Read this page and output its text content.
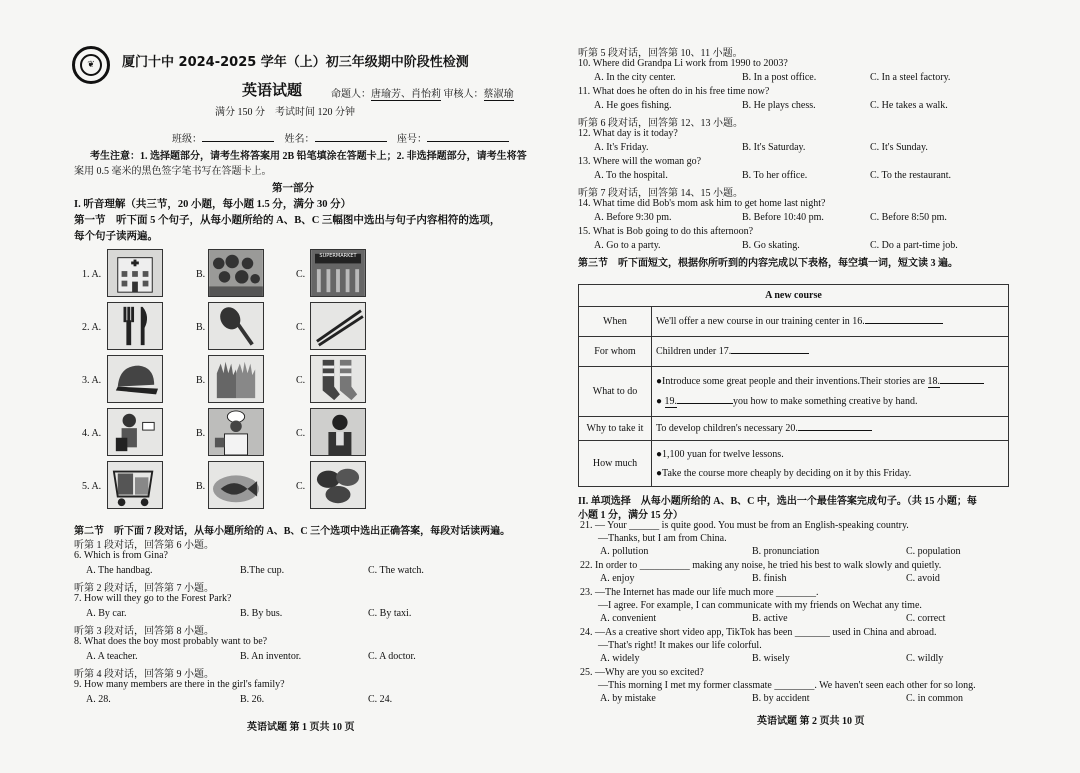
❦	厦门十中 2024-2025 学年（上）初三年级期中阶段性检测
英语试题	命题人：唐瑜芳、肖怡莉 审核人：蔡淑瑜
满分 150 分　考试时间 120 分钟
班级：	姓名：	座号：
考生注意：1. 选择题部分，请考生将答案用 2B 铅笔填涂在答题卡上；2. 非选择题部分，请考生将答
案用 0.5 毫米的黑色签字笔书写在答题卡上。
第一部分
I. 听音理解（共三节，20 小题，每小题 1.5 分，满分 30 分）
第一节　听下面 5 个句子，从每小题所给的 A、B、C 三幅图中选出与句子内容相符的选项，
每个句子读两遍。
1. A.	B.	C.
SUPERMARKET
2. A.	B.	C.
3. A.	B.	C.
4. A.	B.	C.
5. A.	B.	C.
第二节　听下面 7 段对话，从每小题所给的 A、B、C 三个选项中选出正确答案，每段对话读两遍。
听第 1 段对话，回答第 6 小题。
6. Which is from Gina?
A. The handbag.	B.The cup.	C. The watch.
听第 2 段对话，回答第 7 小题。
7. How will they go to the Forest Park?
A. By car.	B. By bus.	C. By taxi.
听第 3 段对话，回答第 8 小题。
8. What does the boy most probably want to be?
A. A teacher.	B. An inventor.	C. A doctor.
听第 4 段对话，回答第 9 小题。
9. How many members are there in the girl's family?
A. 28.	B. 26.	C. 24.
英语试题 第 1 页共 10 页
听第 5 段对话，回答第 10、11 小题。
10. Where did Grandpa Li work from 1990 to 2003?
A. In the city center.	B. In a post office.	C. In a steel factory.
11. What does he often do in his free time now?
A. He goes fishing.	B. He plays chess.	C. He takes a walk.
听第 6 段对话，回答第 12、13 小题。
12. What day is it today?
A. It's Friday.	B. It's Saturday.	C. It's Sunday.
13. Where will the woman go?
A. To the hospital.	B. To her office.	C. To the restaurant.
听第 7 段对话，回答第 14、15 小题。
14. What time did Bob's mom ask him to get home last night?
A. Before 9:30 pm.	B. Before 10:40 pm.	C. Before 8:50 pm.
15. What is Bob going to do this afternoon?
A. Go to a party.	B. Go skating.	C. Do a part-time job.
第三节　听下面短文，根据你所听到的内容完成以下表格，每空填一词，短文读 3 遍。
A new course	
When	We'll offer a new course in our training center in 16.
For whom	Children under 17.
What to do	●Introduce some great people and their inventions.Their stories are 18.
● 19. you how to make something creative by hand.

Why to take it	To develop children's necessary 20.
How much	●1,100 yuan for twelve lessons.
●Take the course more cheaply by deciding on it by this Friday.
II. 单项选择　从每小题所给的 A、B、C 中，选出一个最佳答案完成句子。（共 15 小题；每
小题 1 分，满分 15 分）
21. — Your ______ is quite good. You must be from an English-speaking country.
—Thanks, but I am from China.
A. pollution	B. pronunciation	C. population
22. In order to __________ making any noise, he tried his best to walk slowly and quietly.
A. enjoy	B. finish	C. avoid
23. —The Internet has made our life much more ________.
—I agree. For example, I can communicate with my friends on Wechat any time.
A. convenient	B. active	C. correct
24. —As a creative short video app, TikTok has been _______ used in China and abroad.
—That's right! It makes our life colorful.
A. widely	B. wisely	C. wildly
25. —Why are you so excited?
—This morning I met my former classmate ________. We haven't seen each other for so long.
A. by mistake	B. by accident	C. in common
英语试题 第 2 页共 10 页
